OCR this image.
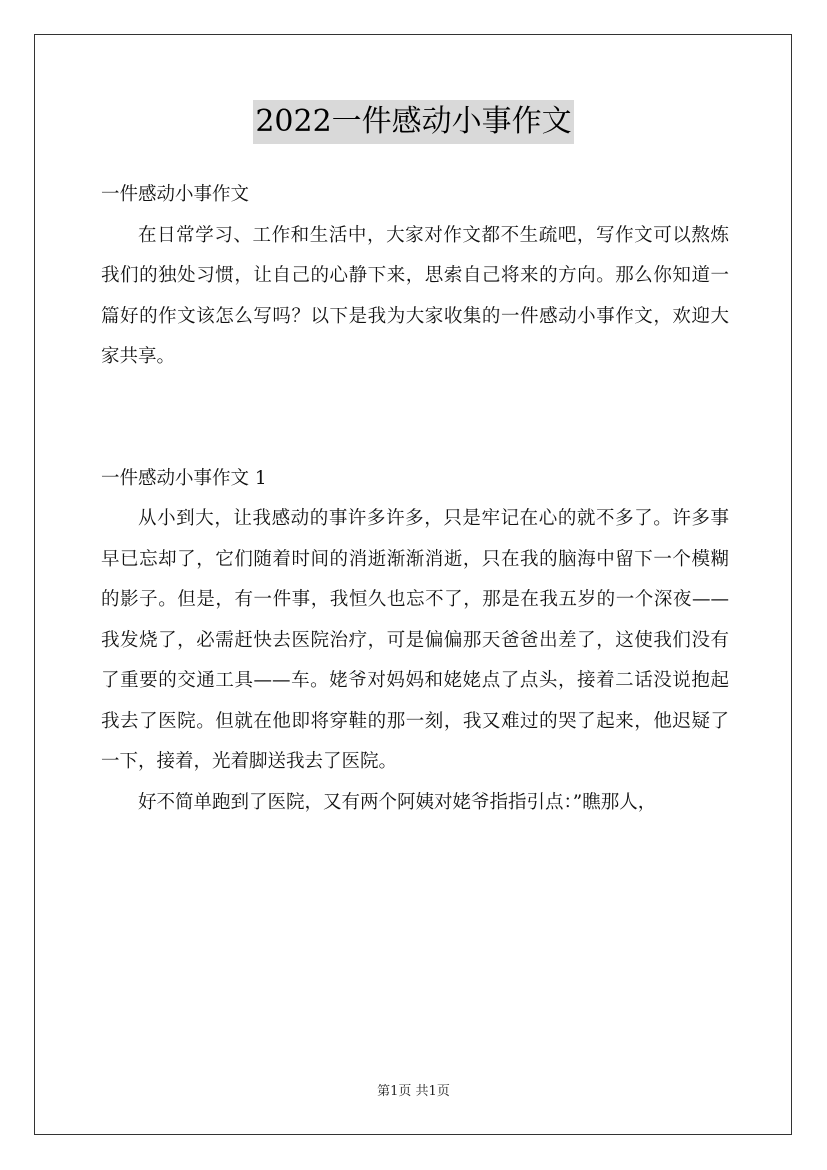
2022一件感动小事作文

一件感动小事作文

在日常学习、工作和生活中，大家对作文都不生疏吧，写作文可以熬炼我们的独处习惯，让自己的心静下来，思索自己将来的方向。那么你知道一篇好的作文该怎么写吗？以下是我为大家收集的一件感动小事作文，欢迎大家共享。

一件感动小事作文 1

从小到大，让我感动的事许多许多，只是牢记在心的就不多了。许多事早已忘却了，它们随着时间的消逝渐渐消逝，只在我的脑海中留下一个模糊的影子。但是，有一件事，我恒久也忘不了，那是在我五岁的一个深夜——我发烧了，必需赶快去医院治疗，可是偏偏那天爸爸出差了，这使我们没有了重要的交通工具——车。姥爷对妈妈和姥姥点了点头，接着二话没说抱起我去了医院。但就在他即将穿鞋的那一刻，我又难过的哭了起来，他迟疑了一下，接着，光着脚送我去了医院。

好不简单跑到了医院，又有两个阿姨对姥爷指指引点：”瞧那人，

第1页 共1页
